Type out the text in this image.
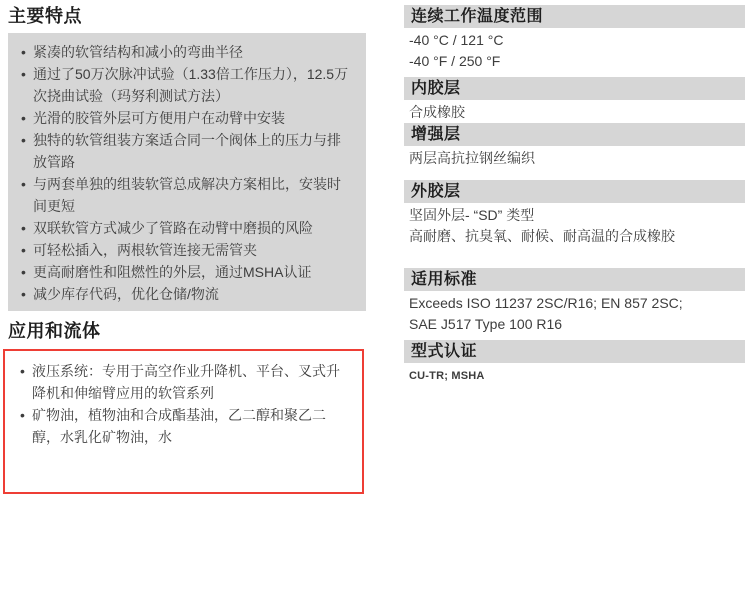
主要特点
• 紧凑的软管结构和减小的弯曲半径
• 通过了50万次脉冲试验（1.33倍工作压力），12.5万次挠曲试验（玛努利测试方法）
• 光滑的胶管外层可方便用户在动臂中安装
• 独特的软管组装方案适合同一个阀体上的压力与排放管路
• 与两套单独的组装软管总成解决方案相比，安装时间更短
• 双联软管方式减少了管路在动臂中磨损的风险
• 可轻松插入，两根软管连接无需管夹
• 更高耐磨性和阻燃性的外层，通过MSHA认证
• 减少库存代码，优化仓储/物流
应用和流体
• 液压系统：专用于高空作业升降机、平台、叉式升降机和伸缩臂应用的软管系列
• 矿物油，植物油和合成酯基油，乙二醇和聚乙二醇，水乳化矿物油，水
连续工作温度范围
-40 °C / 121 °C
-40 °F / 250 °F
内胶层
合成橡胶
增强层
两层高抗拉钢丝编织
外胶层
坚固外层- “SD” 类型
高耐磨、抗臭氧、耐候、耐高温的合成橡胶
适用标准
Exceeds ISO 11237 2SC/R16; EN 857 2SC;
SAE J517 Type 100 R16
型式认证
CU-TR; MSHA
